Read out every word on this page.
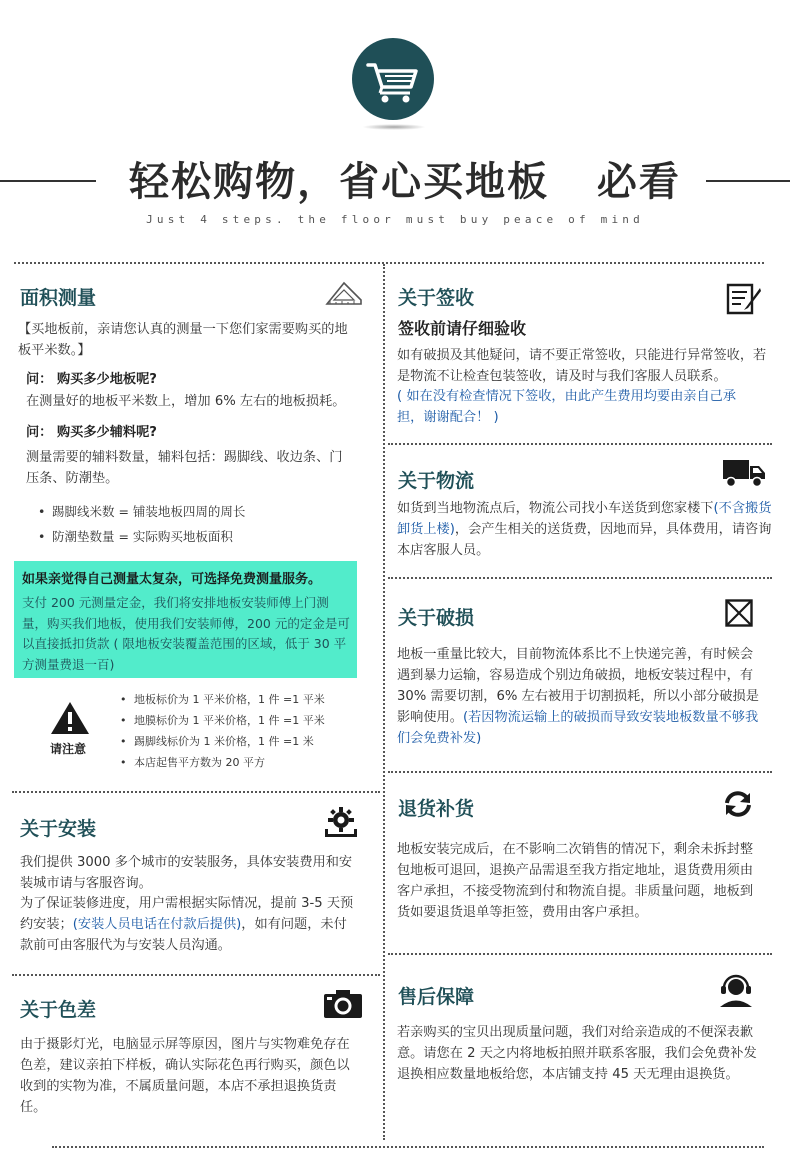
轻松购物，省心买地板   必看
Just 4 steps. the floor must buy peace of mind
面积测量
【买地板前，亲请您认真的测量一下您们家需要购买的地板平米数。】
问： 购买多少地板呢?
在测量好的地板平米数上，增加 6% 左右的地板损耗。
问： 购买多少辅料呢?
测量需要的辅料数量，辅料包括：踢脚线、收边条、门压条、防潮垫。
• 踢脚线米数 = 铺装地板四周的周长
• 防潮垫数量 = 实际购买地板面积
如果亲觉得自己测量太复杂，可选择免费测量服务。
支付 200 元测量定金，我们将安排地板安装师傅上门测量，购买我们地板，使用我们安装师傅，200 元的定金是可以直接抵扣货款 ( 限地板安装覆盖范围的区域，低于 30 平方测量费退一百)
请注意
• 地板标价为 1 平米价格，1 件 =1 平米
• 地膜标价为 1 平米价格，1 件 =1 平米
• 踢脚线标价为 1 米价格，1 件 =1 米
• 本店起售平方数为 20 平方
关于安装
我们提供 3000 多个城市的安装服务，具体安装费用和安装城市请与客服咨询。
为了保证装修进度，用户需根据实际情况，提前 3-5 天预约安装；(安装人员电话在付款后提供)，如有问题，未付款前可由客服代为与安装人员沟通。
关于色差
由于摄影灯光，电脑显示屏等原因，图片与实物难免存在色差，建议亲拍下样板，确认实际花色再行购买，颜色以收到的实物为准，不属质量问题，本店不承担退换货责任。
关于签收
签收前请仔细验收
如有破损及其他疑问，请不要正常签收，只能进行异常签收，若是物流不让检查包装签收，请及时与我们客服人员联系。
( 如在没有检查情况下签收，由此产生费用均要由亲自己承担，谢谢配合！ )
关于物流
如货到当地物流点后，物流公司找小车送货到您家楼下(不含搬货卸货上楼)，会产生相关的送货费，因地而异，具体费用，请咨询本店客服人员。
关于破损
地板一重量比较大，目前物流体系比不上快递完善，有时候会遇到暴力运输，容易造成个别边角破损，地板安装过程中，有 30% 需要切割，6% 左右被用于切割损耗，所以小部分破损是影响使用。(若因物流运输上的破损而导致安装地板数量不够我们会免费补发)
退货补货
地板安装完成后，在不影响二次销售的情况下，剩余未拆封整包地板可退回，退换产品需退至我方指定地址，退货费用须由客户承担，不接受物流到付和物流自提。非质量问题，地板到货如要退货退单等拒签，费用由客户承担。
售后保障
若亲购买的宝贝出现质量问题，我们对给亲造成的不便深表歉意。请您在 2 天之内将地板拍照并联系客服，我们会免费补发退换相应数量地板给您，本店铺支持 45 天无理由退换货。
